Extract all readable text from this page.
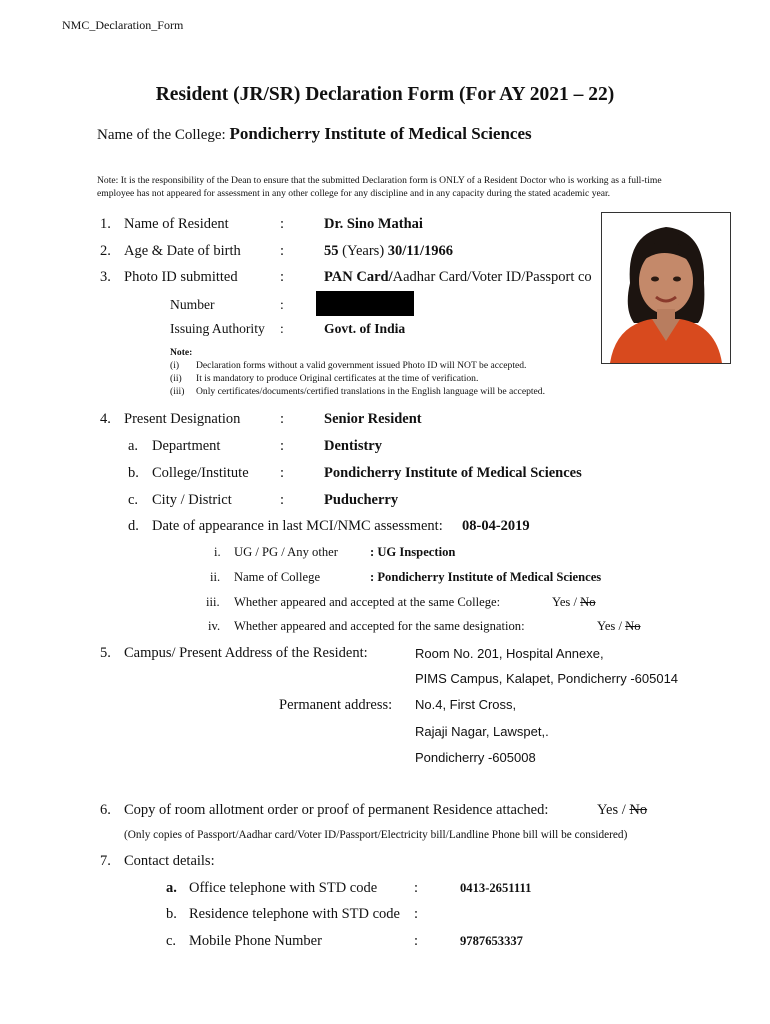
NMC_Declaration_Form
Resident (JR/SR) Declaration Form (For AY 2021 – 22)
Name of the College: Pondicherry Institute of Medical Sciences
Note: It is the responsibility of the Dean to ensure that the submitted Declaration form is ONLY of a Resident Doctor who is working as a full-time employee has not appeared for assessment in any other college for any discipline and in any capacity during the stated academic year.
1. Name of Resident	:	Dr. Sino Mathai
2. Age & Date of birth	:	55 (Years) 30/11/1966
3. Photo ID submitted	:	PAN Card/Aadhar Card/Voter ID/Passport co
Number	:
Issuing Authority :	Govt. of India
Note:
(i) Declaration forms without a valid government issued Photo ID will NOT be accepted.
(ii) It is mandatory to produce Original certificates at the time of verification.
(iii) Only certificates/documents/certified translations in the English language will be accepted.
4. Present Designation	:	Senior Resident
a. Department	:	Dentistry
b. College/Institute :	Pondicherry Institute of Medical Sciences
c. City / District	:	Puducherry
d. Date of appearance in last MCI/NMC assessment: 08-04-2019
i. UG / PG / Any other	: UG Inspection
ii. Name of College	: Pondicherry Institute of Medical Sciences
iii. Whether appeared and accepted at the same College:	Yes / No
iv. Whether appeared and accepted for the same designation:	Yes / No
5. Campus/ Present Address of the Resident:	Room No. 201, Hospital Annexe,
PIMS Campus, Kalapet, Pondicherry -605014
Permanent address: No.4, First Cross,
Rajaji Nagar, Lawspet,.
Pondicherry -605008
6. Copy of room allotment order or proof of permanent Residence attached:	Yes / No
(Only copies of Passport/Aadhar card/Voter ID/Passport/Electricity bill/Landline Phone bill will be considered)
7. Contact details:
a. Office telephone with STD code	:	0413-2651111
b. Residence telephone with STD code :
c. Mobile Phone Number	:	9787653337
